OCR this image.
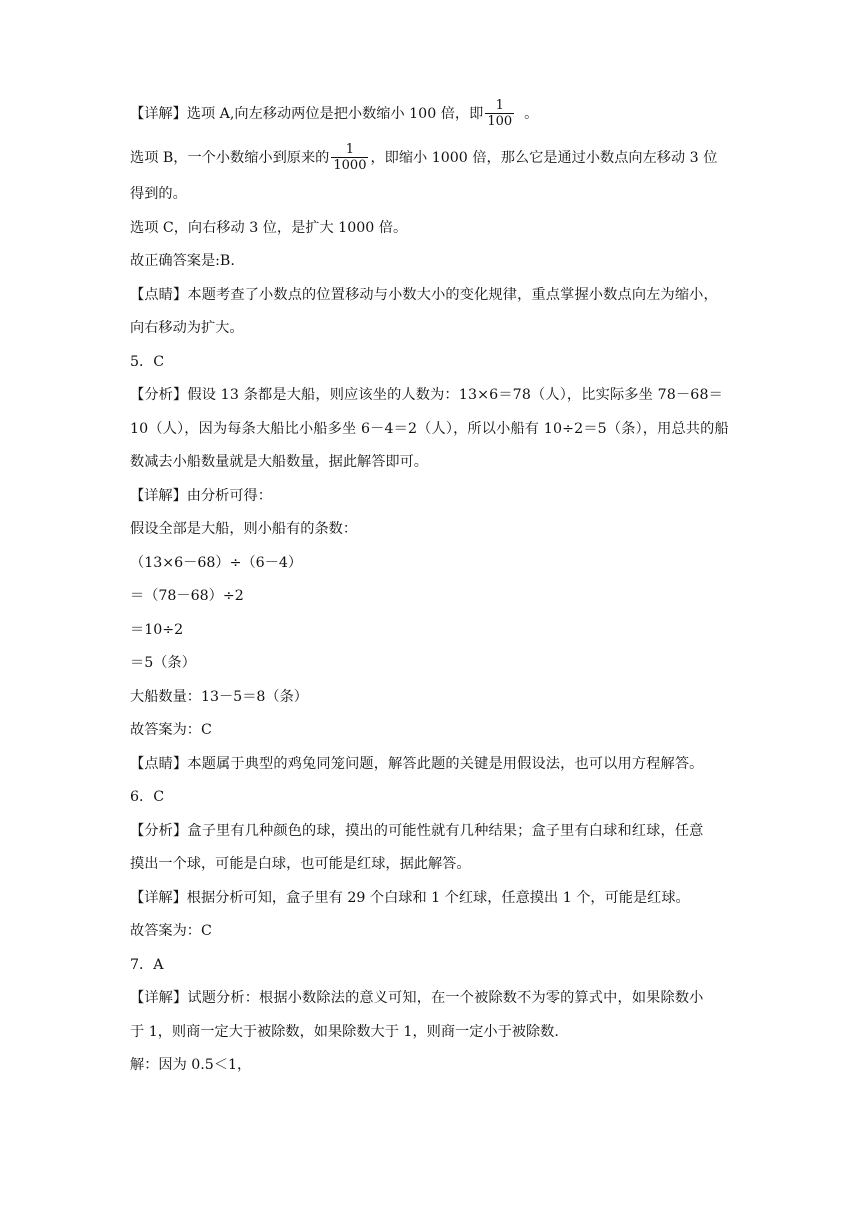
【详解】选项 A,向左移动两位是把小数缩小 100 倍，即 $\frac{1}{100}$ 。
选项 B，一个小数缩小到原来的 $\frac{1}{1000}$ ，即缩小 1000 倍，那么它是通过小数点向左移动 3 位
得到的。
选项 C，向右移动 3 位，是扩大 1000 倍。
故正确答案是:B.
【点睛】本题考查了小数点的位置移动与小数大小的变化规律，重点掌握小数点向左为缩小，
向右移动为扩大。
5．C
【分析】假设 13 条都是大船，则应该坐的人数为：13×6＝78（人），比实际多坐 78－68＝
10（人），因为每条大船比小船多坐 6－4＝2（人），所以小船有 10÷2＝5（条），用总共的船
数减去小船数量就是大船数量，据此解答即可。
【详解】由分析可得：
假设全部是大船，则小船有的条数：
（13×6－68）÷（6－4）
＝（78－68）÷2
＝10÷2
＝5（条）
大船数量：13－5＝8（条）
故答案为：C
【点睛】本题属于典型的鸡兔同笼问题，解答此题的关键是用假设法，也可以用方程解答。
6．C
【分析】盒子里有几种颜色的球，摸出的可能性就有几种结果；盒子里有白球和红球，任意
摸出一个球，可能是白球，也可能是红球，据此解答。
【详解】根据分析可知，盒子里有 29 个白球和 1 个红球，任意摸出 1 个，可能是红球。
故答案为：C
7．A
【详解】试题分析：根据小数除法的意义可知，在一个被除数不为零的算式中，如果除数小
于 1，则商一定大于被除数，如果除数大于 1，则商一定小于被除数.
解：因为 0.5＜1，
